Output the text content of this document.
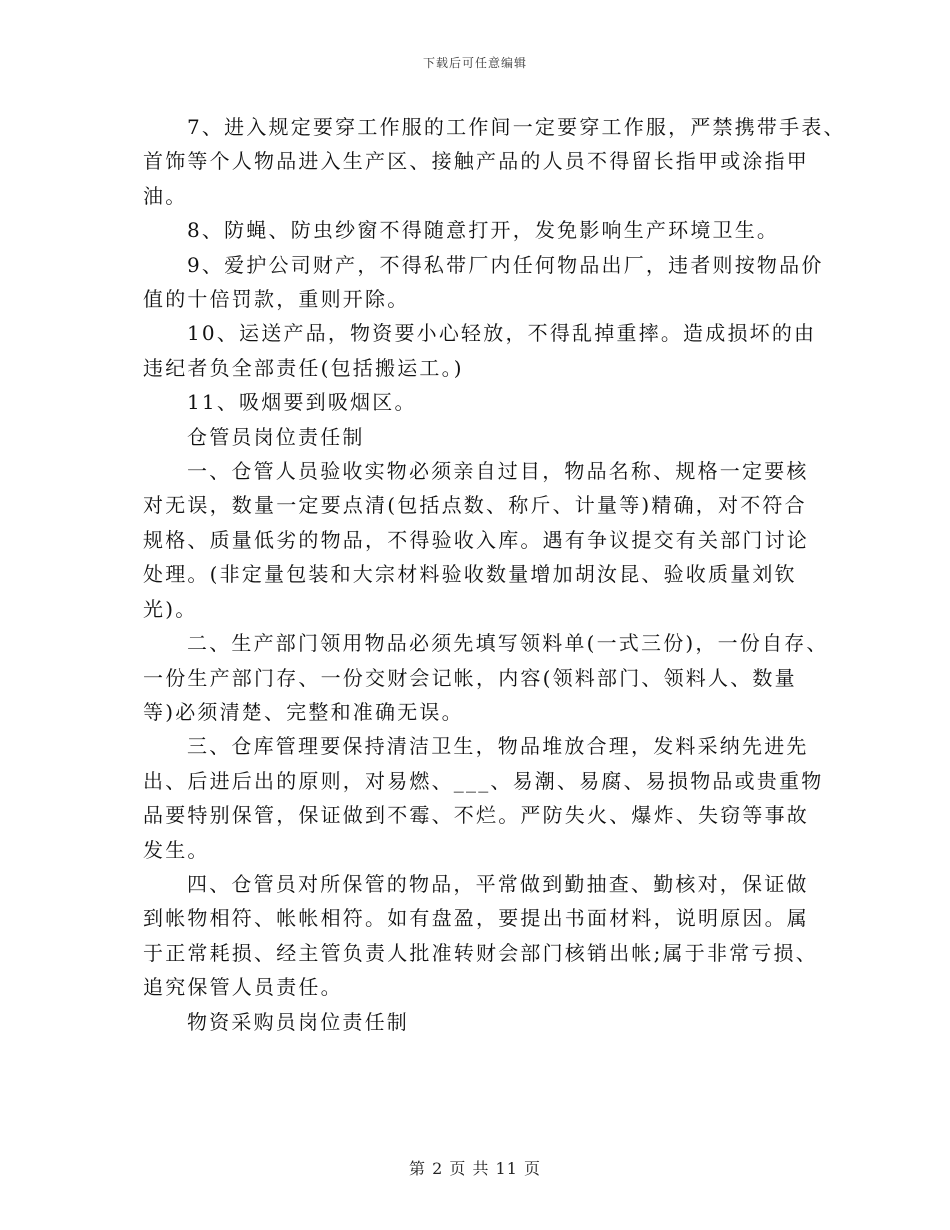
下载后可任意编辑

7、进入规定要穿工作服的工作间一定要穿工作服，严禁携带手表、
首饰等个人物品进入生产区、接触产品的人员不得留长指甲或涂指甲
油。

8、防蝇、防虫纱窗不得随意打开，发免影响生产环境卫生。

9、爱护公司财产，不得私带厂内任何物品出厂，违者则按物品价
值的十倍罚款，重则开除。

10、运送产品，物资要小心轻放，不得乱掉重摔。造成损坏的由
违纪者负全部责任(包括搬运工。)

11、吸烟要到吸烟区。

仓管员岗位责任制

一、仓管人员验收实物必须亲自过目，物品名称、规格一定要核
对无误，数量一定要点清(包括点数、称斤、计量等)精确，对不符合
规格、质量低劣的物品，不得验收入库。遇有争议提交有关部门讨论
处理。(非定量包装和大宗材料验收数量增加胡汝昆、验收质量刘钦
光)。

二、生产部门领用物品必须先填写领料单(一式三份)，一份自存、
一份生产部门存、一份交财会记帐，内容(领料部门、领料人、数量
等)必须清楚、完整和准确无误。

三、仓库管理要保持清洁卫生，物品堆放合理，发料采纳先进先
出、后进后出的原则，对易燃、___、易潮、易腐、易损物品或贵重物
品要特别保管，保证做到不霉、不烂。严防失火、爆炸、失窃等事故
发生。

四、仓管员对所保管的物品，平常做到勤抽查、勤核对，保证做
到帐物相符、帐帐相符。如有盘盈，要提出书面材料，说明原因。属
于正常耗损、经主管负责人批准转财会部门核销出帐;属于非常亏损、
追究保管人员责任。

物资采购员岗位责任制

第 2 页 共 11 页
